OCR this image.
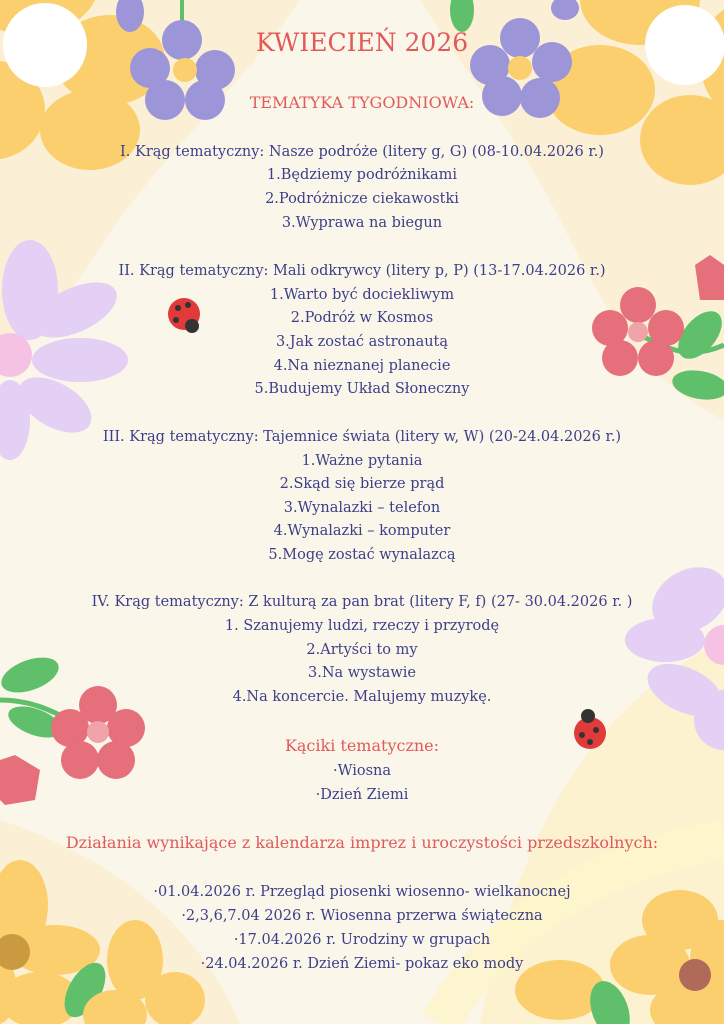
KWIECIEŃ 2026
TEMATYKA TYGODNIOWA:
I. Krąg tematyczny: Nasze podróże (litery g, G) (08-10.04.2026 r.)
1.Będziemy podróżnikami
2.Podróżnicze ciekawostki
3.Wyprawa na biegun
II. Krąg tematyczny: Mali odkrywcy (litery p, P) (13-17.04.2026 r.)
1.Warto być dociekliwym
2.Podróż w Kosmos
3.Jak zostać astronautą
4.Na nieznanej planecie
5.Budujemy Układ Słoneczny
III. Krąg tematyczny: Tajemnice świata (litery w, W) (20-24.04.2026 r.)
1.Ważne pytania
2.Skąd się bierze prąd
3.Wynalazki – telefon
4.Wynalazki – komputer
5.Mogę zostać wynalazcą
IV. Krąg tematyczny: Z kulturą za pan brat (litery F, f) (27- 30.04.2026 r. )
1. Szanujemy ludzi, rzeczy i przyrodę
2.Artyści to my
3.Na wystawie
4.Na koncercie. Malujemy muzykę.
Kąciki tematyczne:
·Wiosna
·Dzień Ziemi
Działania wynikające z kalendarza imprez i uroczystości przedszkolnych:
·01.04.2026 r. Przegląd piosenki wiosenno- wielkanocnej
·2,3,6,7.04 2026 r. Wiosenna przerwa świąteczna
·17.04.2026 r. Urodziny w grupach
·24.04.2026 r. Dzień Ziemi- pokaz eko mody
